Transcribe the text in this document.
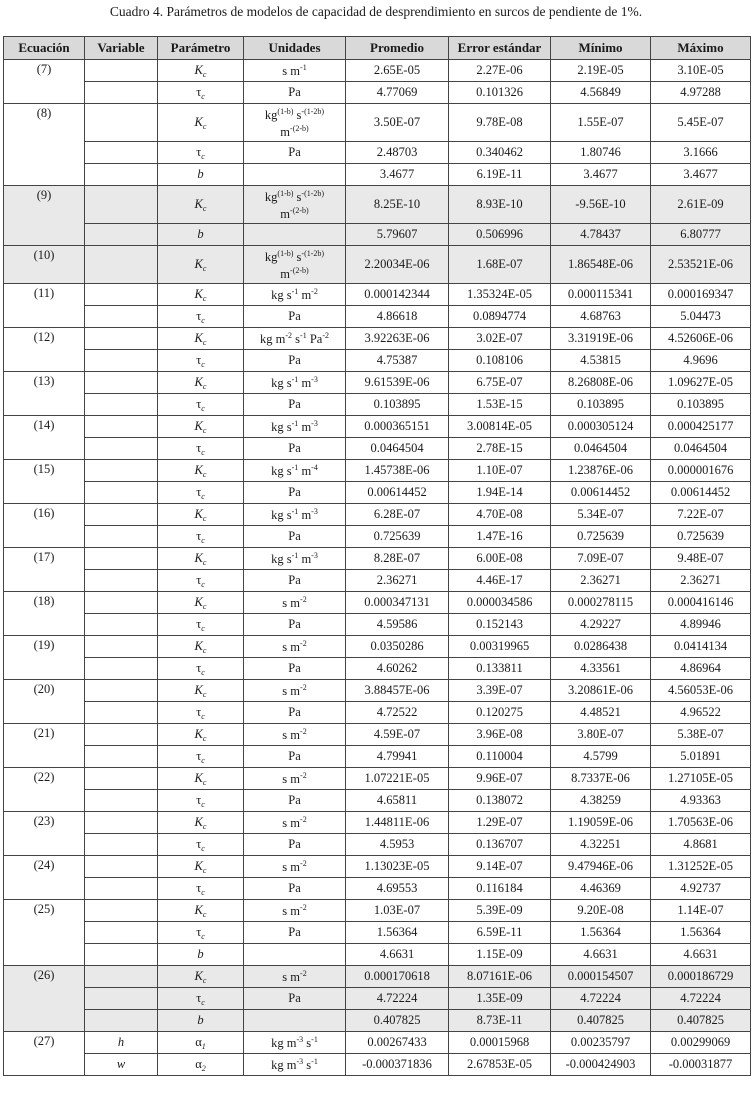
Cuadro 4. Parámetros de modelos de capacidad de desprendimiento en surcos de pendiente de 1%.
Ecuación	Variable	Parámetro	Unidades	Promedio	Error estándar	Mínimo	Máximo
(7)		$K_c$	s $m^{-1}$	2.65E-05	2.27E-06	2.19E-05	3.10E-05
		$\tau_c$	Pa	4.77069	0.101326	4.56849	4.97288
(8)		$K_c$	$kg^{(1-b)}$ $s^{-(1-2b)}$
$m^{-(2-b)}$	3.50E-07	9.78E-08	1.55E-07	5.45E-07
		$\tau_c$	Pa	2.48703	0.340462	1.80746	3.1666
		b		3.4677	6.19E-11	3.4677	3.4677
(9)		$K_c$	$kg^{(1-b)}$ $s^{-(1-2b)}$
$m^{-(2-b)}$	8.25E-10	8.93E-10	-9.56E-10	2.61E-09
		b		5.79607	0.506996	4.78437	6.80777
(10)		$K_c$	$kg^{(1-b)}$ $s^{-(1-2b)}$
$m^{-(2-b)}$	2.20034E-06	1.68E-07	1.86548E-06	2.53521E-06
(11)		$K_c$	kg $s^{-1}$ $m^{-2}$	0.000142344	1.35324E-05	0.000115341	0.000169347
		$\tau_c$	Pa	4.86618	0.0894774	4.68763	5.04473
(12)		$K_c$	kg $m^{-2}$ $s^{-1}$ $Pa^{-2}$	3.92263E-06	3.02E-07	3.31919E-06	4.52606E-06
		$\tau_c$	Pa	4.75387	0.108106	4.53815	4.9696
(13)		$K_c$	kg $s^{-1}$ $m^{-3}$	9.61539E-06	6.75E-07	8.26808E-06	1.09627E-05
		$\tau_c$	Pa	0.103895	1.53E-15	0.103895	0.103895
(14)		$K_c$	kg $s^{-1}$ $m^{-3}$	0.000365151	3.00814E-05	0.000305124	0.000425177
		$\tau_c$	Pa	0.0464504	2.78E-15	0.0464504	0.0464504
(15)		$K_c$	kg $s^{-1}$ $m^{-4}$	1.45738E-06	1.10E-07	1.23876E-06	0.000001676
		$\tau_c$	Pa	0.00614452	1.94E-14	0.00614452	0.00614452
(16)		$K_c$	kg $s^{-1}$ $m^{-3}$	6.28E-07	4.70E-08	5.34E-07	7.22E-07
		$\tau_c$	Pa	0.725639	1.47E-16	0.725639	0.725639
(17)		$K_c$	kg $s^{-1}$ $m^{-3}$	8.28E-07	6.00E-08	7.09E-07	9.48E-07
		$\tau_c$	Pa	2.36271	4.46E-17	2.36271	2.36271
(18)		$K_c$	s $m^{-2}$	0.000347131	0.000034586	0.000278115	0.000416146
		$\tau_c$	Pa	4.59586	0.152143	4.29227	4.89946
(19)		$K_c$	s $m^{-2}$	0.0350286	0.00319965	0.0286438	0.0414134
		$\tau_c$	Pa	4.60262	0.133811	4.33561	4.86964
(20)		$K_c$	s $m^{-2}$	3.88457E-06	3.39E-07	3.20861E-06	4.56053E-06
		$\tau_c$	Pa	4.72522	0.120275	4.48521	4.96522
(21)		$K_c$	s $m^{-2}$	4.59E-07	3.96E-08	3.80E-07	5.38E-07
		$\tau_c$	Pa	4.79941	0.110004	4.5799	5.01891
(22)		$K_c$	s $m^{-2}$	1.07221E-05	9.96E-07	8.7337E-06	1.27105E-05
		$\tau_c$	Pa	4.65811	0.138072	4.38259	4.93363
(23)		$K_c$	s $m^{-2}$	1.44811E-06	1.29E-07	1.19059E-06	1.70563E-06
		$\tau_c$	Pa	4.5953	0.136707	4.32251	4.8681
(24)		$K_c$	s $m^{-2}$	1.13023E-05	9.14E-07	9.47946E-06	1.31252E-05
		$\tau_c$	Pa	4.69553	0.116184	4.46369	4.92737
(25)		$K_c$	s $m^{-2}$	1.03E-07	5.39E-09	9.20E-08	1.14E-07
		$\tau_c$	Pa	1.56364	6.59E-11	1.56364	1.56364
		b		4.6631	1.15E-09	4.6631	4.6631
(26)		$K_c$	s $m^{-2}$	0.000170618	8.07161E-06	0.000154507	0.000186729
		$\tau_c$	Pa	4.72224	1.35E-09	4.72224	4.72224
		b		0.407825	8.73E-11	0.407825	0.407825
(27)	h	$\alpha_1$	kg $m^{-3}$ $s^{-1}$	0.00267433	0.00015968	0.00235797	0.00299069
	w	$\alpha_2$	kg $m^{-3}$ $s^{-1}$	-0.000371836	2.67853E-05	-0.000424903	-0.00031877
